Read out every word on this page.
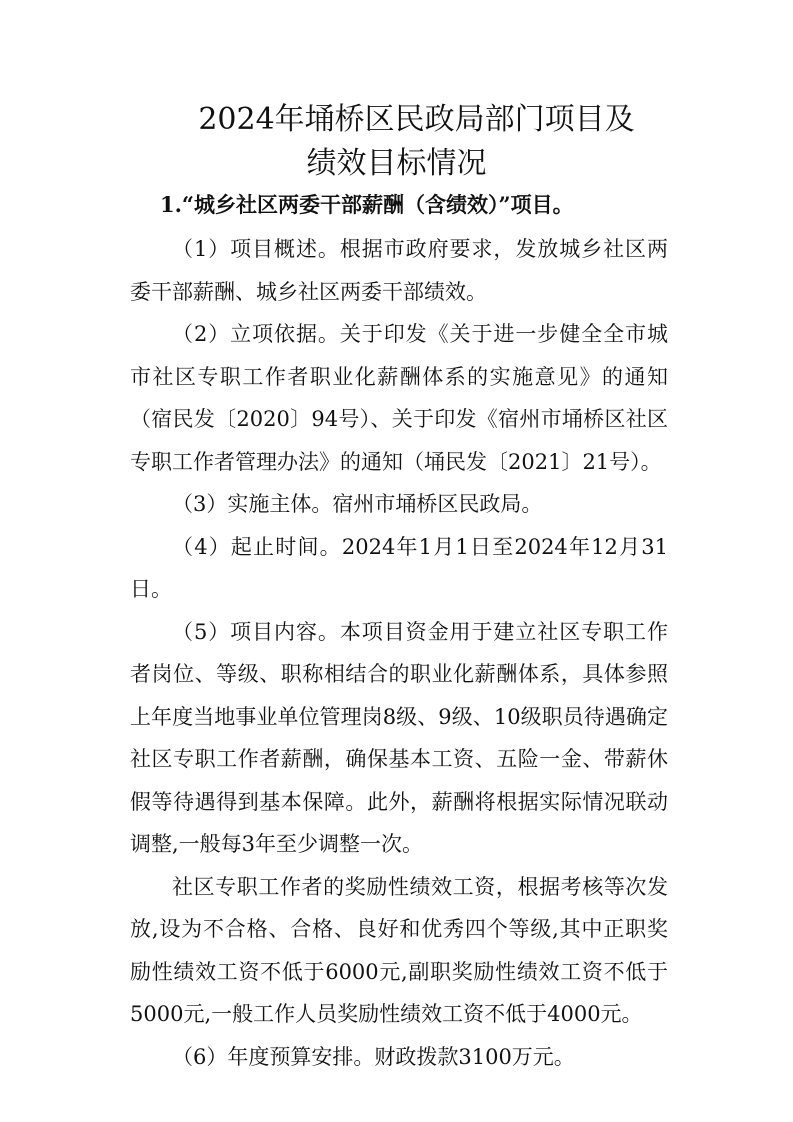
2024年埇桥区民政局部门项目及
绩效目标情况
1.“城乡社区两委干部薪酬（含绩效）”项目。

（1）项目概述。根据市政府要求，发放城乡社区两委干部薪酬、城乡社区两委干部绩效。

（2）立项依据。关于印发《关于进一步健全全市城市社区专职工作者职业化薪酬体系的实施意见》的通知（宿民发〔2020〕94号）、关于印发《宿州市埇桥区社区专职工作者管理办法》的通知（埇民发〔2021〕21号）。

（3）实施主体。宿州市埇桥区民政局。

（4）起止时间。2024年1月1日至2024年12月31日。

（5）项目内容。本项目资金用于建立社区专职工作者岗位、等级、职称相结合的职业化薪酬体系，具体参照上年度当地事业单位管理岗8级、9级、10级职员待遇确定社区专职工作者薪酬，确保基本工资、五险一金、带薪休假等待遇得到基本保障。此外，薪酬将根据实际情况联动调整,一般每3年至少调整一次。

社区专职工作者的奖励性绩效工资，根据考核等次发放,设为不合格、合格、良好和优秀四个等级,其中正职奖励性绩效工资不低于6000元,副职奖励性绩效工资不低于5000元,一般工作人员奖励性绩效工资不低于4000元。

（6）年度预算安排。财政拨款3100万元。
